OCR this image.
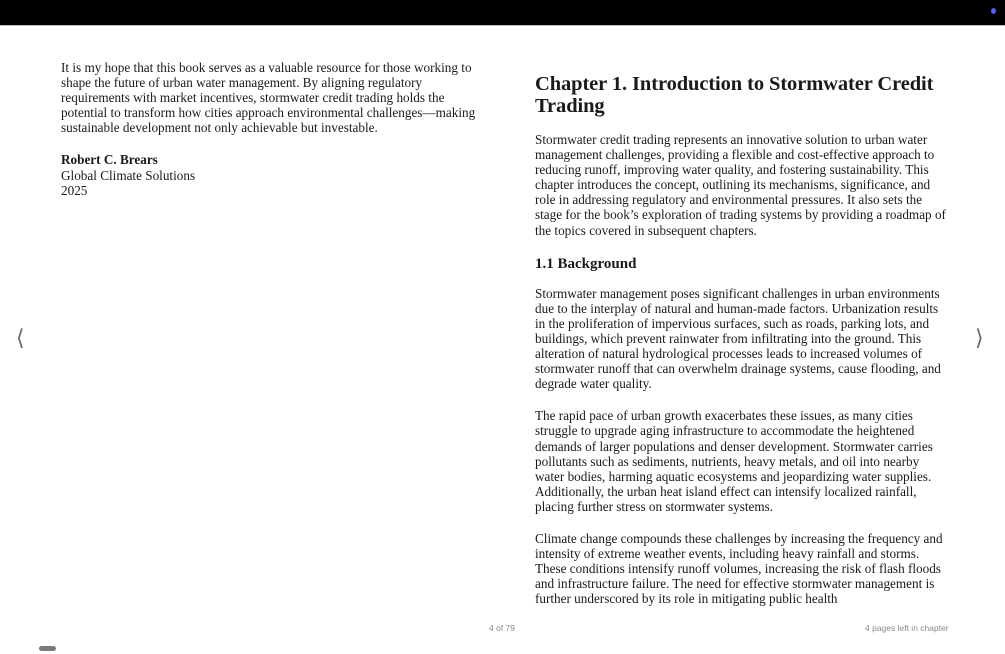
It is my hope that this book serves as a valuable resource for those working to shape the future of urban water management. By aligning regulatory requirements with market incentives, stormwater credit trading holds the potential to transform how cities approach environmental challenges—making sustainable development not only achievable but investable.

Robert C. Brears

Global Climate Solutions

2025

Chapter 1. Introduction to Stormwater Credit Trading

Stormwater credit trading represents an innovative solution to urban water management challenges, providing a flexible and cost-effective approach to reducing runoff, improving water quality, and fostering sustainability. This chapter introduces the concept, outlining its mechanisms, significance, and role in addressing regulatory and environmental pressures. It also sets the stage for the book’s exploration of trading systems by providing a roadmap of the topics covered in subsequent chapters.

1.1 Background

Stormwater management poses significant challenges in urban environments due to the interplay of natural and human-made factors. Urbanization results in the proliferation of impervious surfaces, such as roads, parking lots, and buildings, which prevent rainwater from infiltrating into the ground. This alteration of natural hydrological processes leads to increased volumes of stormwater runoff that can overwhelm drainage systems, cause flooding, and degrade water quality.

The rapid pace of urban growth exacerbates these issues, as many cities struggle to upgrade aging infrastructure to accommodate the heightened demands of larger populations and denser development. Stormwater carries pollutants such as sediments, nutrients, heavy metals, and oil into nearby water bodies, harming aquatic ecosystems and jeopardizing water supplies. Additionally, the urban heat island effect can intensify localized rainfall, placing further stress on stormwater systems.

Climate change compounds these challenges by increasing the frequency and intensity of extreme weather events, including heavy rainfall and storms. These conditions intensify runoff volumes, increasing the risk of flash floods and infrastructure failure. The need for effective stormwater management is further underscored by its role in mitigating public health

⟨	⟩
4 of 79	4 pages left in chapter
